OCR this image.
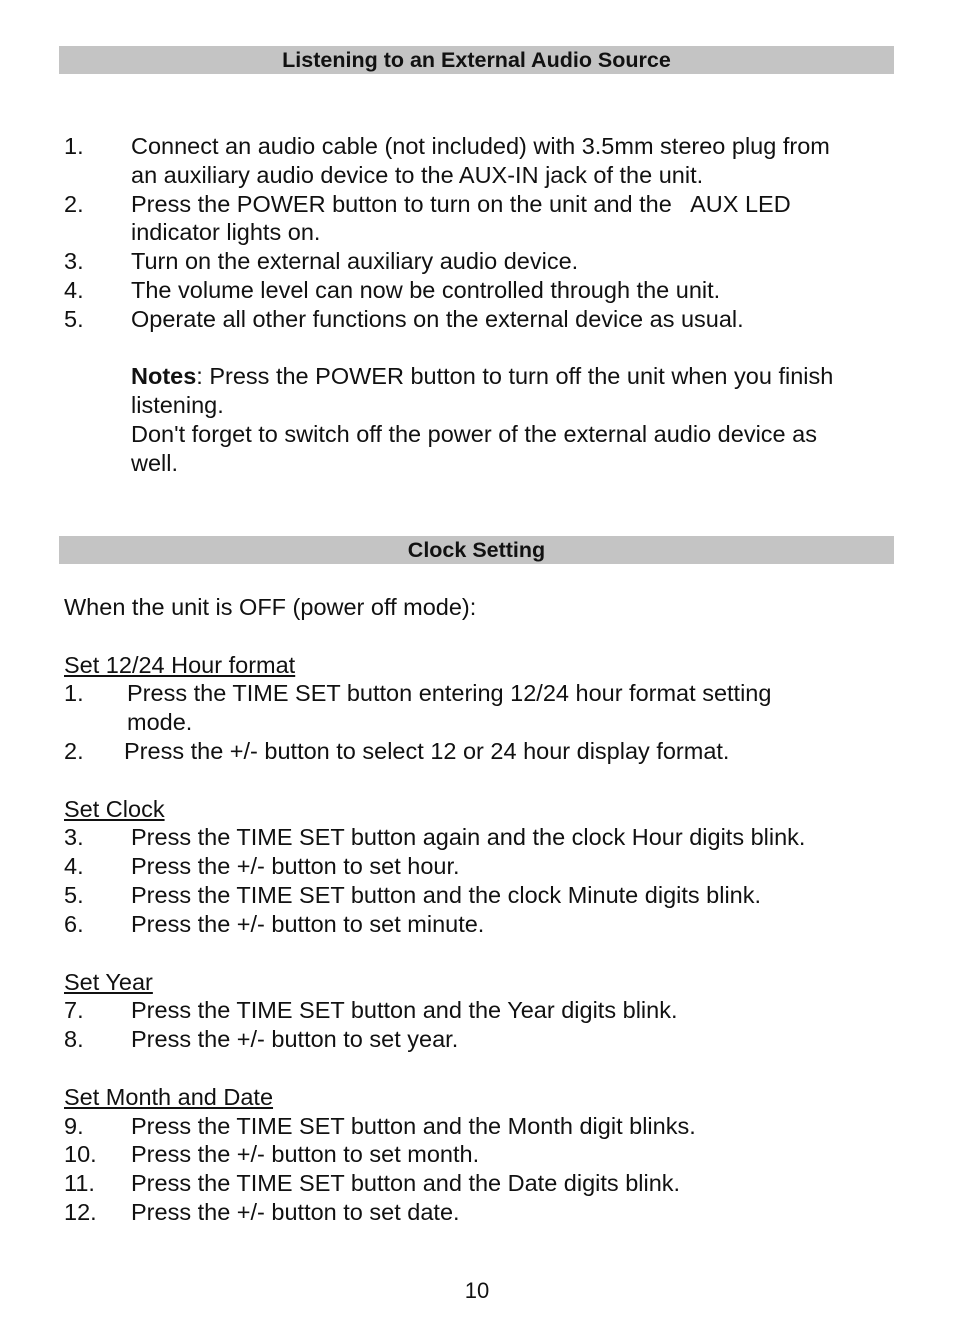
Listening to an External Audio Source
1. Connect an audio cable (not included) with 3.5mm stereo plug from
an auxiliary audio device to the AUX-IN jack of the unit.
2. Press the POWER button to turn on the unit and the   AUX LED
indicator lights on.
3. Turn on the external auxiliary audio device.
4. The volume level can now be controlled through the unit.
5. Operate all other functions on the external device as usual.
Notes: Press the POWER button to turn off the unit when you finish
listening.
Don't forget to switch off the power of the external audio device as
well.
Clock Setting
When the unit is OFF (power off mode):
Set 12/24 Hour format
1. Press the TIME SET button entering 12/24 hour format setting
mode.
2. Press the +/- button to select 12 or 24 hour display format.
Set Clock
3. Press the TIME SET button again and the clock Hour digits blink.
4. Press the +/- button to set hour.
5. Press the TIME SET button and the clock Minute digits blink.
6. Press the +/- button to set minute.
Set Year
7. Press the TIME SET button and the Year digits blink.
8. Press the +/- button to set year.
Set Month and Date
9. Press the TIME SET button and the Month digit blinks.
10. Press the +/- button to set month.
11. Press the TIME SET button and the Date digits blink.
12. Press the +/- button to set date.
10
